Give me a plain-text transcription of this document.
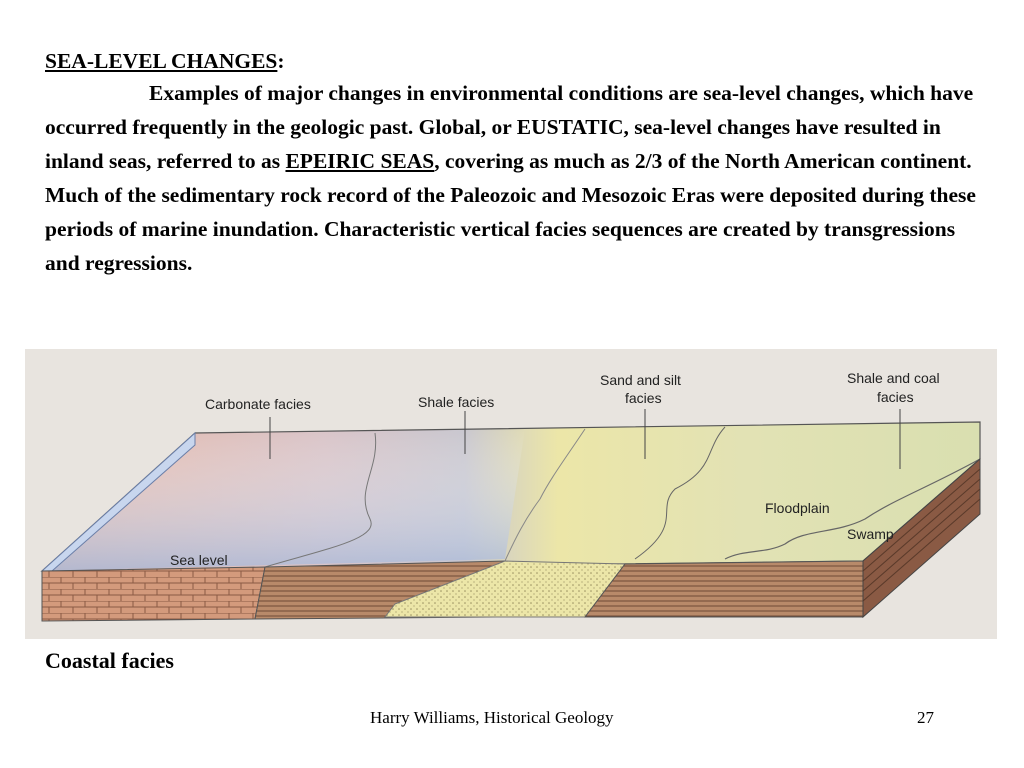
SEA-LEVEL CHANGES:
Examples of major changes in environmental conditions are sea-level changes, which have occurred frequently in the geologic past. Global, or EUSTATIC, sea-level changes have resulted in inland seas, referred to as EPEIRIC SEAS, covering as much as 2/3 of the North American continent. Much of the sedimentary rock record of the Paleozoic and Mesozoic Eras were deposited during these periods of marine inundation. Characteristic vertical facies sequences are created by transgressions and regressions.
Carbonate facies	Shale facies
Sand and silt
facies
Shale and coal
facies
Sea level
Floodplain
Swamp
Coastal facies
Harry Williams, Historical Geology	27
